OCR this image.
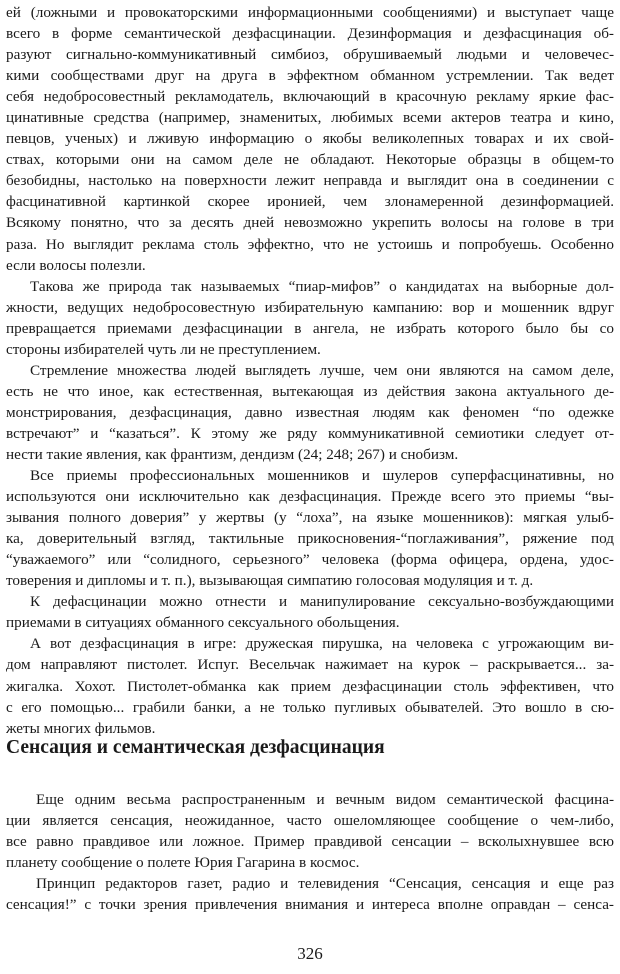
ей (ложными и провокаторскими информационными сообщениями) и выступает чаще
всего в форме семантической дезфасцинации. Дезинформация и дезфасцинация об-
разуют сигнально-коммуникативный симбиоз, обрушиваемый людьми и человечес-
кими сообществами друг на друга в эффектном обманном устремлении. Так ведет
себя недобросовестный рекламодатель, включающий в красочную рекламу яркие фас-
цинативные средства (например, знаменитых, любимых всеми актеров театра и кино,
певцов, ученых) и лживую информацию о якобы великолепных товарах и их свой-
ствах, которыми они на самом деле не обладают. Некоторые образцы в общем-то
безобидны, настолько на поверхности лежит неправда и выглядит она в соединении с
фасцинативной картинкой скорее иронией, чем злонамеренной дезинформацией.
Всякому понятно, что за десять дней невозможно укрепить волосы на голове в три
раза. Но выглядит реклама столь эффектно, что не устоишь и попробуешь. Особенно
если волосы полезли.
Такова же природа так называемых “пиар-мифов” о кандидатах на выборные дол-
жности, ведущих недобросовестную избирательную кампанию: вор и мошенник вдруг
превращается приемами дезфасцинации в ангела, не избрать которого было бы со
стороны избирателей чуть ли не преступлением.
Стремление множества людей выглядеть лучше, чем они являются на самом деле,
есть не что иное, как естественная, вытекающая из действия закона актуального де-
монстрирования, дезфасцинация, давно известная людям как феномен “по одежке
встречают” и “казаться”. К этому же ряду коммуникативной семиотики следует от-
нести такие явления, как франтизм, дендизм (24; 248; 267) и снобизм.
Все приемы профессиональных мошенников и шулеров суперфасцинативны, но
используются они исключительно как дезфасцинация. Прежде всего это приемы “вы-
зывания полного доверия” у жертвы (у “лоха”, на языке мошенников): мягкая улыб-
ка, доверительный взгляд, тактильные прикосновения-“поглаживания”, ряжение под
“уважаемого” или “солидного, серьезного” человека (форма офицера, ордена, удос-
товерения и дипломы и т. п.), вызывающая симпатию голосовая модуляция и т. д.
К дефасцинации можно отнести и манипулирование сексуально-возбуждающими
приемами в ситуациях обманного сексуального обольщения.
А вот дезфасцинация в игре: дружеская пирушка, на человека с угрожающим ви-
дом направляют пистолет. Испуг. Весельчак нажимает на курок – раскрывается... за-
жигалка. Хохот. Пистолет-обманка как прием дезфасцинации столь эффективен, что
с его помощью... грабили банки, а не только пугливых обывателей. Это вошло в сю-
жеты многих фильмов.
Сенсация и семантическая дезфасцинация
Еще одним весьма распространенным и вечным видом семантической фасцина-
ции является сенсация, неожиданное, часто ошеломляющее сообщение о чем-либо,
все равно правдивое или ложное. Пример правдивой сенсации – всколыхнувшее всю
планету сообщение о полете Юрия Гагарина в космос.
Принцип редакторов газет, радио и телевидения “Сенсация, сенсация и еще раз
сенсация!” с точки зрения привлечения внимания и интереса вполне оправдан – сенса-
326
